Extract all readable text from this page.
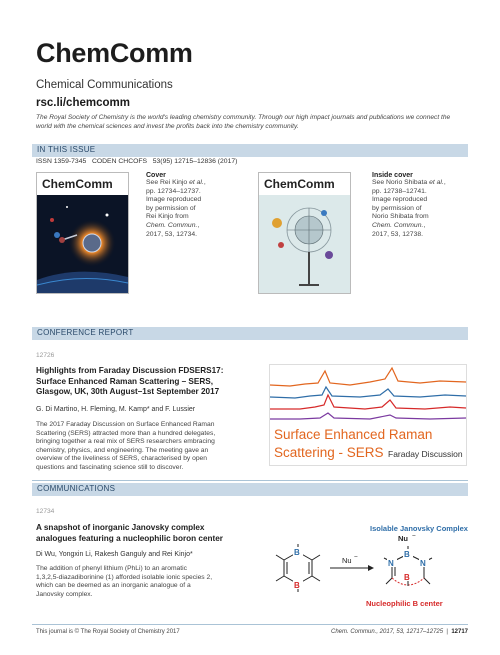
ChemComm
Chemical Communications
rsc.li/chemcomm
The Royal Society of Chemistry is the world's leading chemistry community. Through our high impact journals and publications we connect the world with the chemical sciences and invest the profits back into the chemistry community.
IN THIS ISSUE
ISSN 1359-7345 CODEN CHCOFS 53(95) 12715–12836 (2017)
ChemComm
Cover
See Rei Kinjo et al.,
pp. 12734–12737.
Image reproduced
by permission of
Rei Kinjo from
Chem. Commun.,
2017, 53, 12734.
ChemComm
Inside cover
See Norio Shibata et al.,
pp. 12738–12741.
Image reproduced
by permission of
Norio Shibata from
Chem. Commun.,
2017, 53, 12738.
CONFERENCE REPORT
12726
Highlights from Faraday Discussion FDSERS17:
Surface Enhanced Raman Scattering – SERS,
Glasgow, UK, 30th August–1st September 2017
G. Di Martino, H. Fleming, M. Kamp* and F. Lussier
The 2017 Faraday Discussion on Surface Enhanced Raman
Scattering (SERS) attracted more than a hundred delegates,
bringing together a real mix of SERS researchers embracing
chemistry, physics, and engineering. The meeting gave an
overview of the liveliness of SERS, characterised by open
questions and fascinating science still to discover.
Surface Enhanced Raman
Scattering - SERS Faraday Discussion
COMMUNICATIONS
12734
A snapshot of inorganic Janovsky complex
analogues featuring a nucleophilic boron center
Di Wu, Yongxin Li, Rakesh Ganguly and Rei Kinjo*
The addition of phenyl lithium (PhLi) to an aromatic
1,3,2,5-diazadiborinine (1) afforded isolable ionic species 2,
which can be deemed as an inorganic analogue of a
Janovsky complex.
Isolable Janovsky Complex
B
B
Nu −
Nu −
B
N	N
B
Nucleophilic B center
This journal is © The Royal Society of Chemistry 2017	Chem. Commun., 2017, 53, 12717–12725  |  12717
